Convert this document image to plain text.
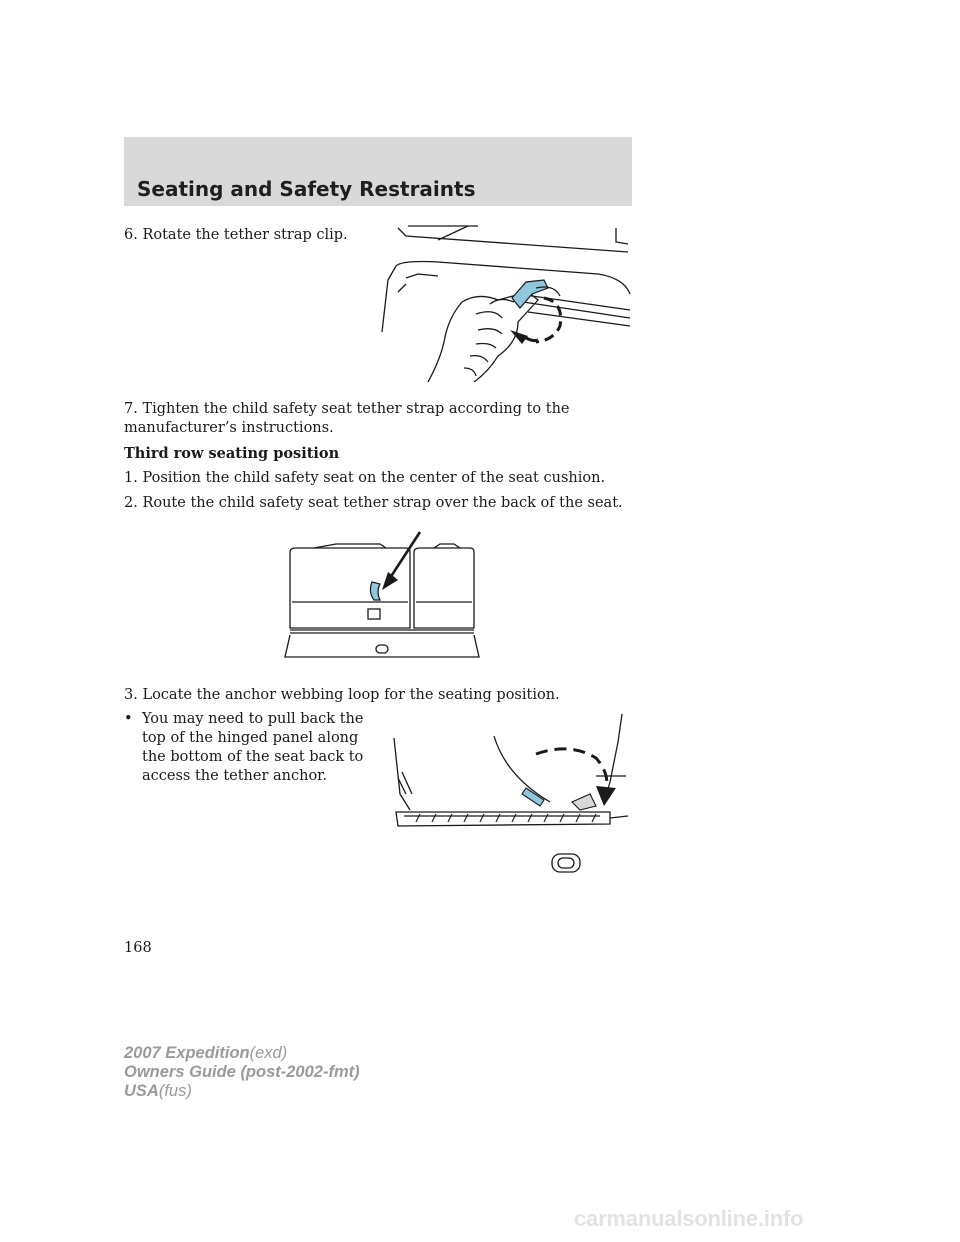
Seating and Safety Restraints
6. Rotate the tether strap clip.
7. Tighten the child safety seat tether strap according to the
manufacturer’s instructions.
Third row seating position
1. Position the child safety seat on the center of the seat cushion.
2. Route the child safety seat tether strap over the back of the seat.
3. Locate the anchor webbing loop for the seating position.
• You may need to pull back the top of the hinged panel along the bottom of the seat back to access the tether anchor.
168
2007 Expedition(exd)
Owners Guide (post-2002-fmt)
USA(fus)
carmanualsonline.info
